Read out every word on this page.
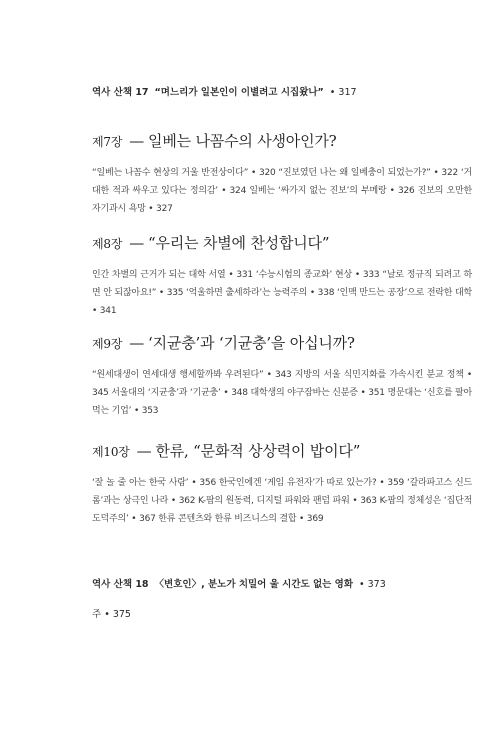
역사 산책 17 “며느리가 일본인이 이별려고 시집왔나” • 317
제7장 — 일베는 나꼼수의 사생아인가?
“일베는 나꼼수 현상의 거울 반전상이다” • 320 “진보였던 나는 왜 일베충이 되었는가?” • 322 ‘거대한 적과 싸우고 있다는 정의감’ • 324 일베는 ‘싸가지 없는 진보’의 부메랑 • 326 진보의 오만한 자기과시 욕망 • 327
제8장 — “우리는 차별에 찬성합니다”
인간 차별의 근거가 되는 대학 서열 • 331 ‘수능시험의 종교화’ 현상 • 333 “날로 정규직 되려고 하면 안 되잖아요!” • 335 ‘억울하면 출세하라’는 능력주의 • 338 ‘인맥 만드는 공장’으로 전락한 대학 • 341
제9장 — ‘지균충’과 ‘기균충’을 아십니까?
“원세대생이 연세대생 행세할까봐 우려된다” • 343 지방의 서울 식민지화를 가속시킨 분교 정책 • 345 서울대의 ‘지균충’과 ‘기균충’ • 348 대학생의 야구잠바는 신분증 • 351 명문대는 ‘신호를 팔아먹는 기업’ • 353
제10장 — 한류, “문화적 상상력이 밥이다”
‘잘 놀 줄 아는 한국 사람’ • 356 한국인에겐 ‘게임 유전자’가 따로 있는가? • 359 ‘갈라파고스 신드롬’과는 상극인 나라 • 362 K-팝의 원동력, 디지털 파워와 팬덤 파워 • 363 K-팝의 정체성은 ‘집단적 도덕주의’ • 367 한류 콘텐츠와 한류 비즈니스의 결합 • 369
역사 산책 18 〈변호인〉, 분노가 치밀어 울 시간도 없는 영화 • 373
주 • 375
